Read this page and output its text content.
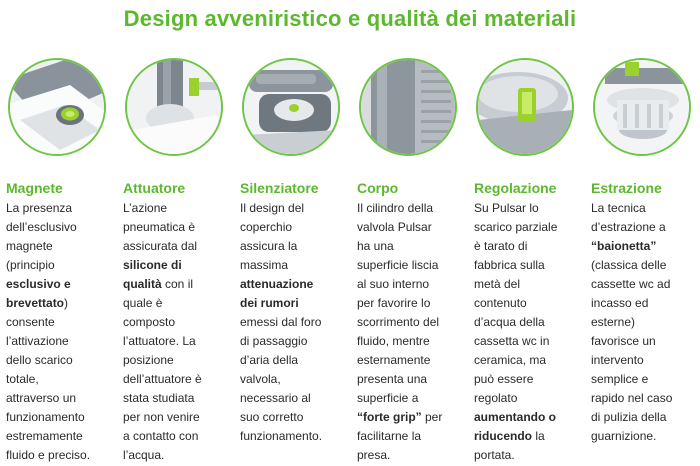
Design avveniristico e qualità dei materiali
Magnete
La presenza
dell’esclusivo
magnete
(principio
esclusivo e
brevettato)
consente
l’attivazione
dello scarico
totale,
attraverso un
funzionamento
estremamente
fluido e preciso.
Attuatore
L’azione
pneumatica è
assicurata dal
silicone di
qualità con il
quale è
composto
l’attuatore. La
posizione
dell’attuatore è
stata studiata
per non venire
a contatto con
l’acqua.
Silenziatore
Il design del
coperchio
assicura la
massima
attenuazione
dei rumori
emessi dal foro
di passaggio
d’aria della
valvola,
necessario al
suo corretto
funzionamento.
Corpo
Il cilindro della
valvola Pulsar
ha una
superficie liscia
al suo interno
per favorire lo
scorrimento del
fluido, mentre
esternamente
presenta una
superficie a
“forte grip” per
facilitarne la
presa.
Regolazione
Su Pulsar lo
scarico parziale
è tarato di
fabbrica sulla
metà del
contenuto
d’acqua della
cassetta wc in
ceramica, ma
può essere
regolato
aumentando o
riducendo la
portata.
Estrazione
La tecnica
d’estrazione a
“baionetta”
(classica delle
cassette wc ad
incasso ed
esterne)
favorisce un
intervento
semplice e
rapido nel caso
di pulizia della
guarnizione.
